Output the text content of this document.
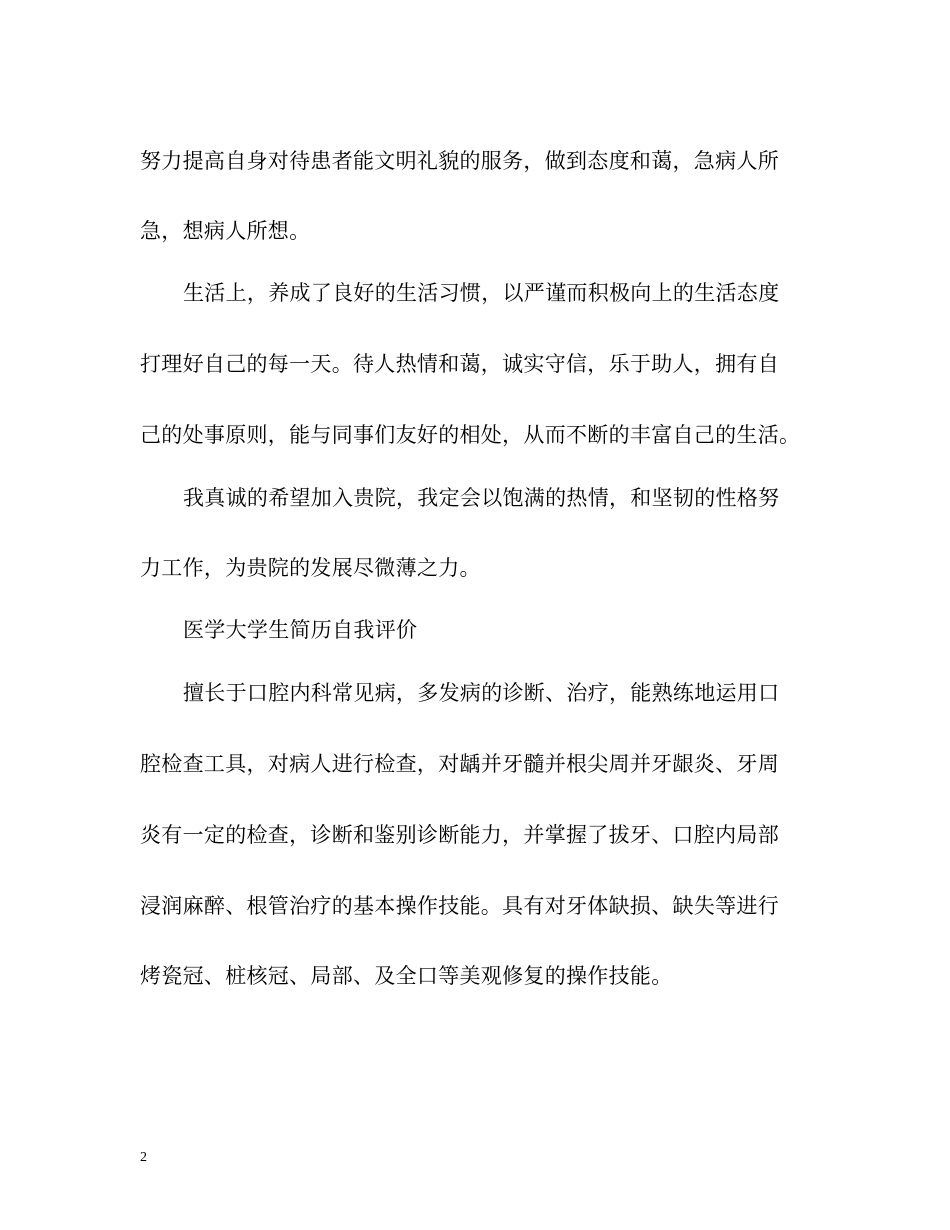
努力提高自身对待患者能文明礼貌的服务，做到态度和蔼，急病人所
急，想病人所想。
生活上，养成了良好的生活习惯，以严谨而积极向上的生活态度
打理好自己的每一天。待人热情和蔼，诚实守信，乐于助人，拥有自
己的处事原则，能与同事们友好的相处，从而不断的丰富自己的生活。
我真诚的希望加入贵院，我定会以饱满的热情，和坚韧的性格努
力工作，为贵院的发展尽微薄之力。
医学大学生简历自我评价
擅长于口腔内科常见病，多发病的诊断、治疗，能熟练地运用口
腔检查工具，对病人进行检查，对龋并牙髓并根尖周并牙龈炎、牙周
炎有一定的检查，诊断和鉴别诊断能力，并掌握了拔牙、口腔内局部
浸润麻醉、根管治疗的基本操作技能。具有对牙体缺损、缺失等进行
烤瓷冠、桩核冠、局部、及全口等美观修复的操作技能。
2
